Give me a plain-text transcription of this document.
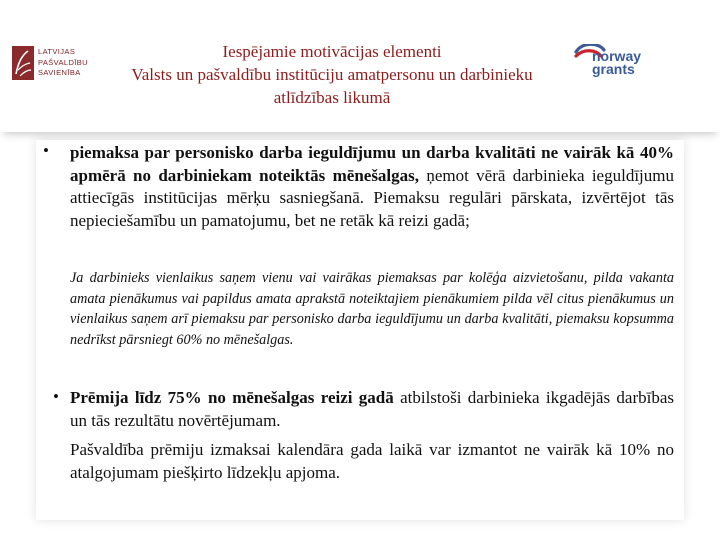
LATVIJAS
PAŠVALDĪBU
SAVIENĪBA
Iespējamie motivācijas elementi
Valsts un pašvaldību institūciju amatpersonu un darbinieku
atlīdzības likumā
norway
grants
•	piemaksa par personisko darba ieguldījumu un darba kvalitāti ne vairāk kā 40% apmērā no darbiniekam noteiktās mēnešalgas, ņemot vērā darbinieka ieguldījumu attiecīgās institūcijas mērķu sasniegšanā. Piemaksu regulāri pārskata, izvērtējot tās nepieciešamību un pamatojumu, bet ne retāk kā reizi gadā;
Ja darbinieks vienlaikus saņem vienu vai vairākas piemaksas par kolēģa aizvietošanu, pilda vakanta amata pienākumus vai papildus amata aprakstā noteiktajiem pienākumiem pilda vēl citus pienākumus un vienlaikus saņem arī piemaksu par personisko darba ieguldījumu un darba kvalitāti, piemaksu kopsumma nedrīkst pārsniegt 60% no mēnešalgas.
• Prēmija līdz 75% no mēnešalgas reizi gadā atbilstoši darbinieka ikgadējās darbības un tās rezultātu novērtējumam.
Pašvaldība prēmiju izmaksai kalendāra gada laikā var izmantot ne vairāk kā 10% no atalgojumam piešķirto līdzekļu apjoma.
